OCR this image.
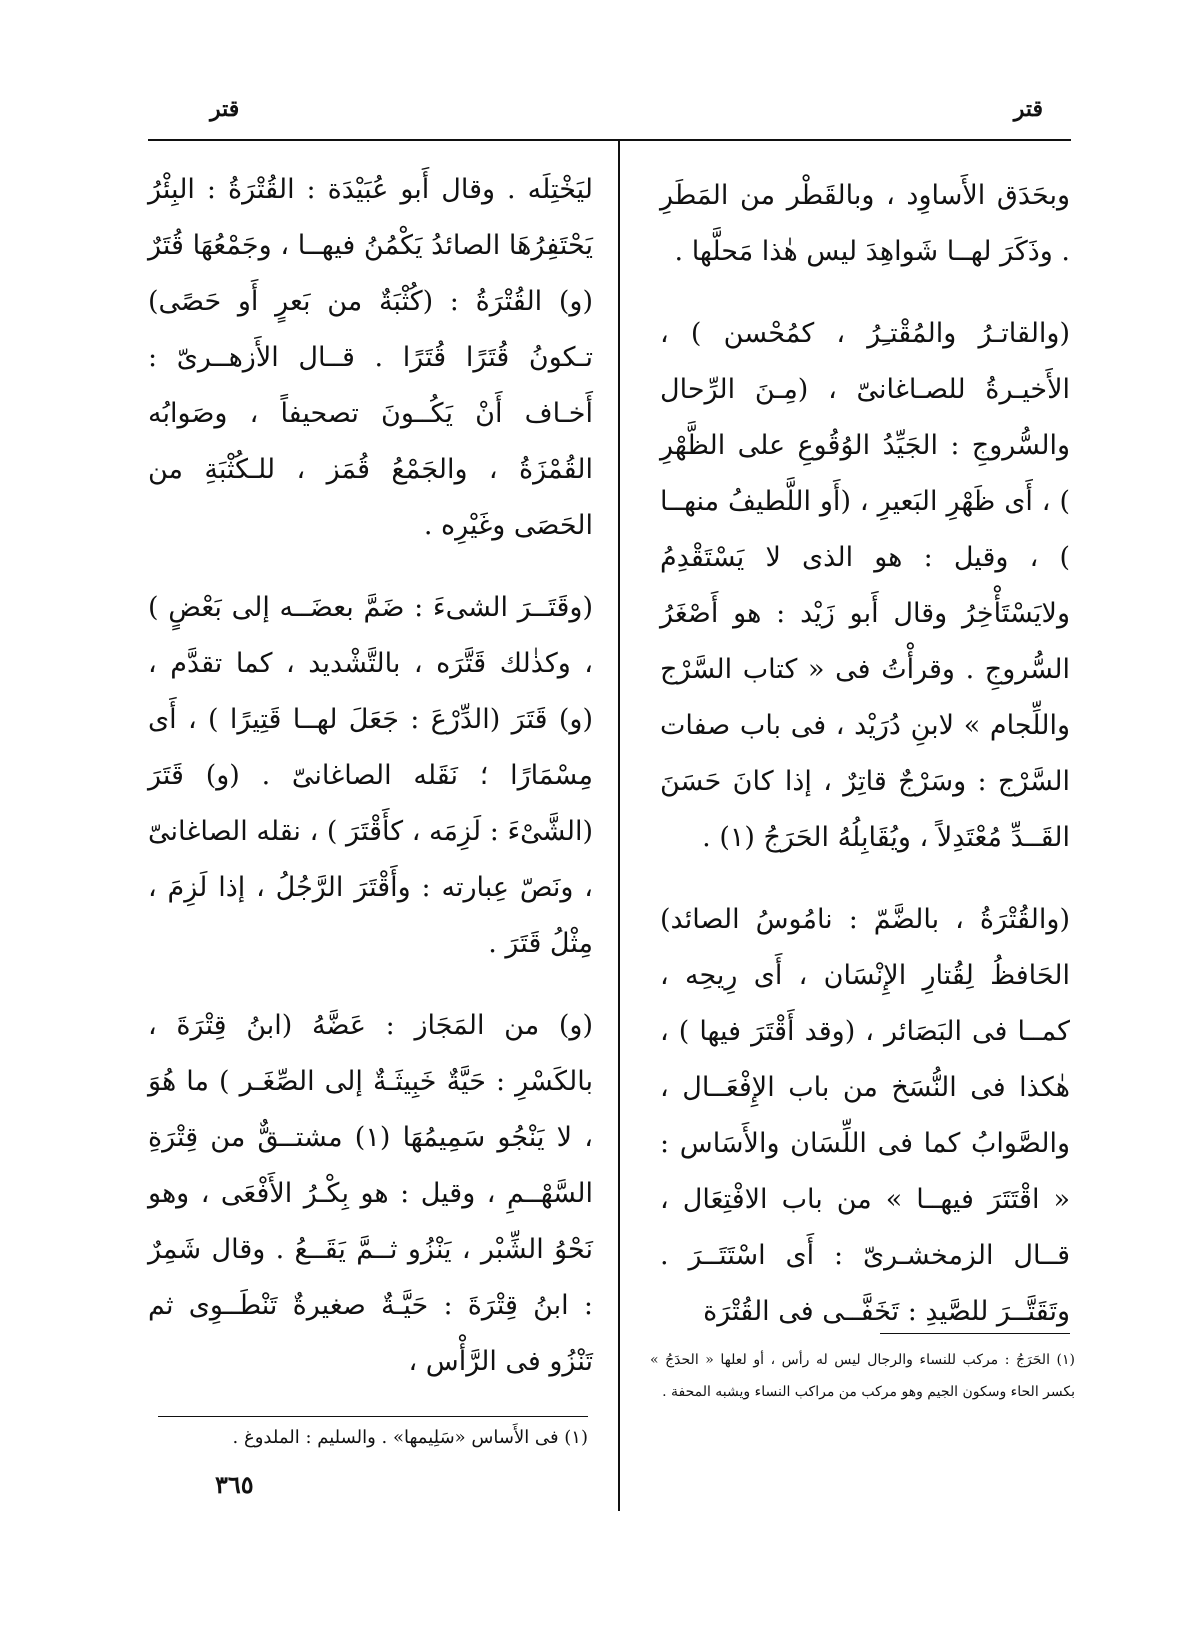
قتر	قتر

وبحَدَق الأَساوِد ، وبالقَطْر من المَطَرِ . وذَكَرَ لهــا شَواهِدَ ليس هٰذا مَحلَّها .

(والقاتـرُ والمُقْتـِرُ ، كمُحْسن ) ، الأَخيـرةُ للصـاغانىّ ، (مِـنَ الرِّحال والسُّروجِ : الجَيِّدُ الوُقُوعِ على الظَّهْرِ ) ، أَى ظَهْرِ البَعيرِ ، (أَو اللَّطيفُ منهــا ) ، وقيل : هو الذى لا يَسْتَقْدِمُ ولايَسْتَأْخِرُ وقال أَبو زَيْد : هو أَصْغَرُ السُّروجِ . وقرأْتُ فى « كتاب السَّرْج واللِّجام » لابنِ دُرَيْد ، فى باب صفات السَّرْج : وسَرْجٌ قاتِرٌ ، إذا كانَ حَسَنَ القَــدِّ مُعْتَدِلاً ، ويُقَابِلُهُ الحَرَجُ (١) .

(والقُتْرَةُ ، بالضَّمّ : نامُوسُ الصائد) الحَافظُ لِقُتارِ الإِنْسَان ، أَى رِيحِه ، كمــا فى البَصَائر ، (وقد أَقْتَرَ فيها ) ، هٰكذا فى النُّسَخ من باب الإِفْعَــال ، والصَّوابُ كما فى اللِّسَان والأَسَاس : « اقْتَتَرَ فيهــا » من باب الافْتِعَال ، قــال الزمخشـرىّ : أَى اسْتَتَــرَ . وتَقَتَّــرَ للصَّيدِ : تَخَفَّــى فى القُتْرَة

ليَخْتِلَه . وقال أَبو عُبَيْدَة : القُتْرَةُ : البِئْرُ يَحْتَفِرُهَا الصائدُ يَكْمُنُ فيهــا ، وجَمْعُهَا قُتَرٌ (و) القُتْرَةُ : (كُثْبَةٌ من بَعرٍ أَو حَصًى) تـكونُ قُتَرًا قُتَرًا . قــال الأَزهــرىّ : أَخـاف أَنْ يَكُــونَ تصحيفاً ، وصَوابُه القُمْزَةُ ، والجَمْعُ قُمَز ، للـكُثْبَةِ من الحَصَى وغَيْرِه .

(وقَتَــرَ الشىءَ : ضَمَّ بعضَــه إلى بَعْضٍ ) ، وكذٰلك قَتَّرَه ، بالتَّشْديد ، كما تقدَّم ، (و) قَتَرَ (الدِّرْعَ : جَعَلَ لهــا قَتِيرًا ) ، أَى مِسْمَارًا ؛ نَقَله الصاغانىّ . (و) قَتَرَ (الشَّىْءَ : لَزِمَه ، كأَقْتَرَ ) ، نقله الصاغانىّ ، ونَصّ عِبارته : وأَقْتَرَ الرَّجُلُ ، إذا لَزِمَ ، مِثْلُ قَتَرَ .

(و) من المَجَاز : عَضَّهُ (ابنُ قِتْرَةَ ، بالكَسْرِ : حَيَّةٌ خَبِيثَـةٌ إلى الصِّغَـر ) ما هُوَ ، لا يَنْجُو سَمِيمُهَا (١) مشتــقٌّ من قِتْرَةِ السَّهْــمِ ، وقيل : هو بِكْـرُ الأَفْعَى ، وهو نَحْوُ الشِّبْر ، يَنْزُو ثــمَّ يَقَــعُ . وقال شَمِرٌ : ابنُ قِتْرَةَ : حَيَّـةٌ صغيرةٌ تَنْطَــوِى ثم تَنْزُو فى الرَّأْس ،	(١) الحَرَجُ : مركب للنساء والرجال ليس له رأس ، أو لعلها « الحدَجُ » بكسر الحاء وسكون الجيم وهو مركب من مراكب النساء ويشبه المحفة .
(١) فى الأَساس «سَلِيمها» . والسليم : الملدوغ .
٣٦٥
